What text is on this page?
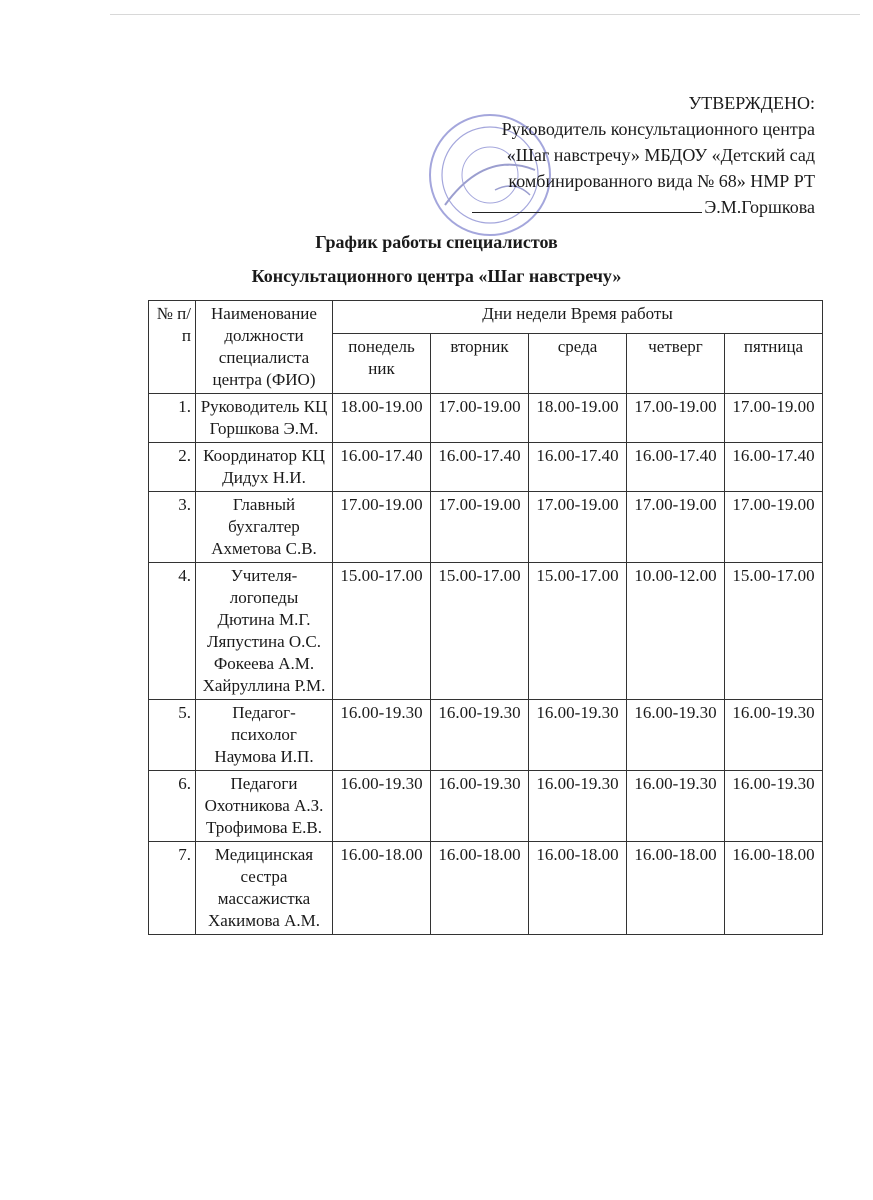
УТВЕРЖДЕНО:
Руководитель консультационного центра
«Шаг навстречу» МБДОУ «Детский сад
комбинированного вида № 68» НМР РТ
Э.М.Горшкова
График работы специалистов
Консультационного центра «Шаг навстречу»
№ п/п	Наименование должности специалиста центра (ФИО)	Дни недели Время работы				
		понедель ник	вторник	среда	четверг	пятница
1.	Руководитель КЦ Горшкова Э.М.	18.00-19.00	17.00-19.00	18.00-19.00	17.00-19.00	17.00-19.00
2.	Координатор КЦ Дидух Н.И.	16.00-17.40	16.00-17.40	16.00-17.40	16.00-17.40	16.00-17.40
3.	Главный бухгалтер Ахметова С.В.	17.00-19.00	17.00-19.00	17.00-19.00	17.00-19.00	17.00-19.00
4.	Учителя-логопеды Дютина М.Г. Ляпустина О.С. Фокеева А.М. Хайруллина Р.М.	15.00-17.00	15.00-17.00	15.00-17.00	10.00-12.00	15.00-17.00
5.	Педагог-психолог Наумова И.П.	16.00-19.30	16.00-19.30	16.00-19.30	16.00-19.30	16.00-19.30
6.	Педагоги Охотникова А.З. Трофимова Е.В.	16.00-19.30	16.00-19.30	16.00-19.30	16.00-19.30	16.00-19.30
7.	Медицинская сестра массажистка Хакимова А.М.	16.00-18.00	16.00-18.00	16.00-18.00	16.00-18.00	16.00-18.00
